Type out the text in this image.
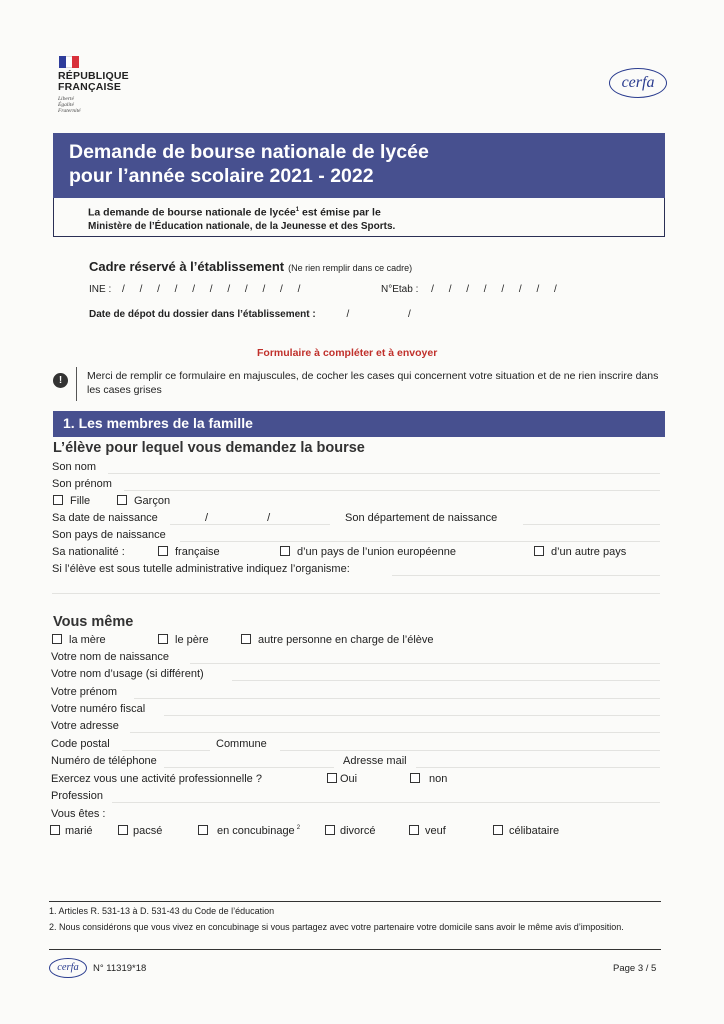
RÉPUBLIQUE
FRANÇAISE
Liberté
Égalité
Fraternité
cerfa
Demande de bourse nationale de lycée
pour l’année scolaire 2021 - 2022
La demande de bourse nationale de lycée$^1$ est émise par le
Ministère de l’Éducation nationale, de la Jeunesse et des Sports.
Cadre réservé à l’établissement (Ne rien remplir dans ce cadre)
INE : / / / / / / / / / / /	N°Etab : / / / / / / / /
Date de dépot du dossier dans l’établissement :	/ /
Formulaire à compléter et à envoyer
!	Merci de remplir ce formulaire en majuscules, de cocher les cases qui concernent votre situation et de ne rien inscrire dans les cases grises
1. Les membres de la famille
L’élève pour lequel vous demandez la bourse
Son nom
Son prénom
Fille	Garçon
Sa date de naissance	/ /	Son département de naissance
Son pays de naissance
Sa nationalité :	française	d’un pays de l’union européenne	d’un autre pays
Si l’élève est sous tutelle administrative indiquez l’organisme:
Vous même
la mère	le père	autre personne en charge de l’élève
Votre nom de naissance
Votre nom d’usage (si différent)
Votre prénom
Votre numéro fiscal
Votre adresse
Code postal	Commune
Numéro de téléphone	Adresse mail
Exercez vous une activité professionnelle ?	Oui	non
Profession
Vous êtes :
marié	pacsé	en concubinage $^2$	divorcé	veuf	célibataire
1. Articles R. 531-13 à D. 531-43 du Code de l’éducation
2. Nous considérons que vous vivez en concubinage si vous partagez avec votre partenaire votre domicile sans avoir le même avis d’imposition.
cerfa	N° 11319*18	Page 3 / 5
